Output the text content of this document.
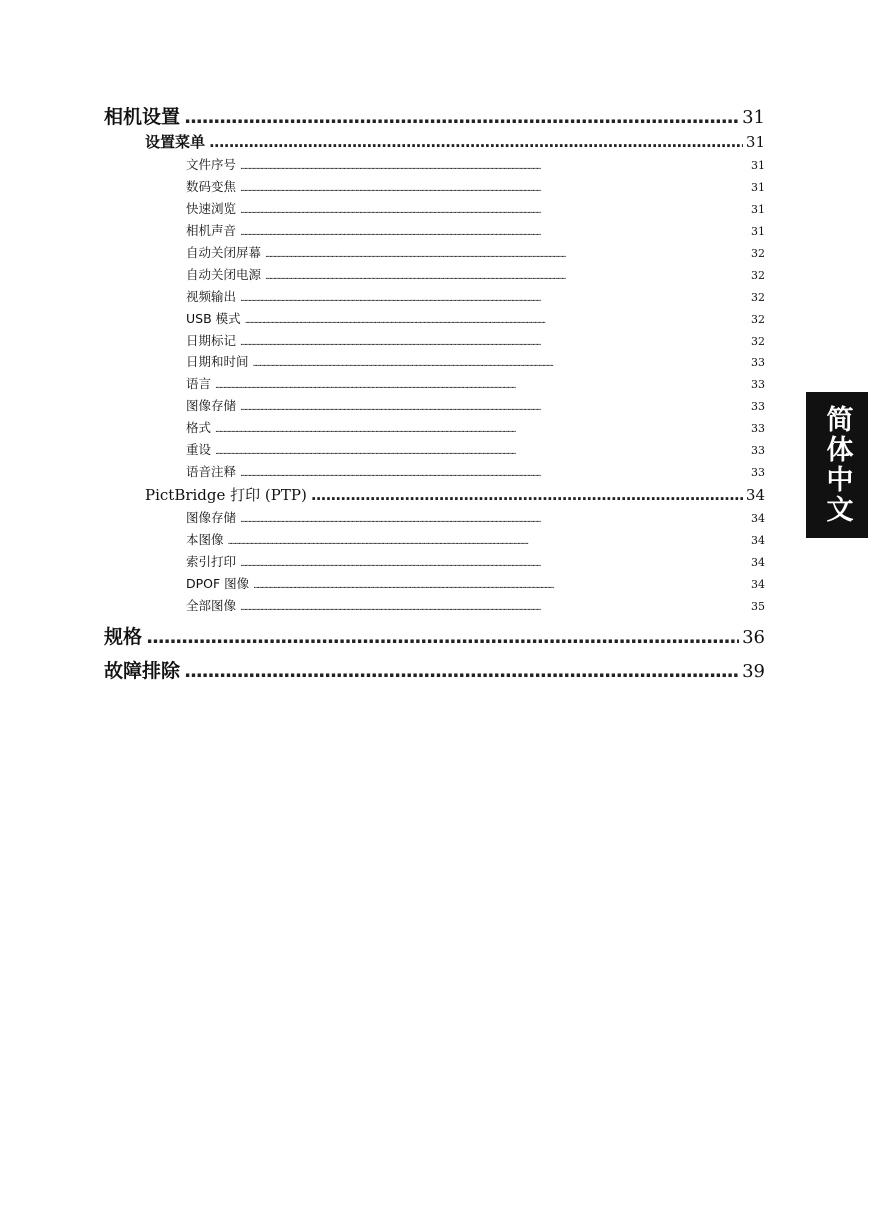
相机设置 . . .	31
设置菜单 . . .	31
文件序号 . . .	31
数码变焦 . . .	31
快速浏览 . . .	31
相机声音 . . .	31
自动关闭屏幕 . . .	32
自动关闭电源 . . .	32
视频输出 . . .	32
USB 模式 . . .	32
日期标记 . . .	32
日期和时间 . . .	33
语言 . . .	33
图像存储 . . .	33
格式 . . .	33
重设 . . .	33
语音注释 . . .	33
PictBridge 打印 (PTP) . . .	34
图像存储 . . .	34
本图像 . . .	34
索引打印 . . .	34
DPOF 图像 . . .	34
全部图像 . . .	35
规格 . . .	36
故障排除 . . .	39
简体中文
